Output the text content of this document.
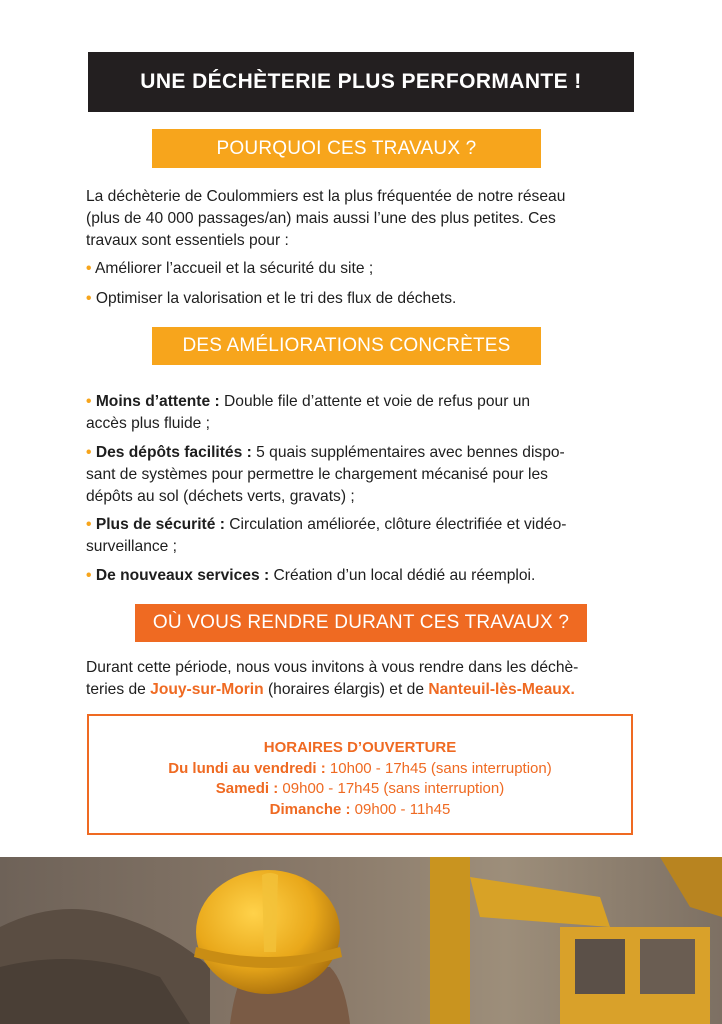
UNE DÉCHÈTERIE PLUS PERFORMANTE !
POURQUOI CES TRAVAUX ?

La déchèterie de Coulommiers est la plus fréquentée de notre réseau
(plus de 40 000 passages/an) mais aussi l’une des plus petites. Ces
travaux sont essentiels pour :

• Améliorer l’accueil et la sécurité du site ;

• Optimiser la valorisation et le tri des flux de déchets.

DES AMÉLIORATIONS CONCRÈTES

• Moins d’attente : Double file d’attente et voie de refus pour un
accès plus fluide ;

• Des dépôts facilités : 5 quais supplémentaires avec bennes dispo-
sant de systèmes pour permettre le chargement mécanisé pour les
dépôts au sol (déchets verts, gravats) ;

• Plus de sécurité : Circulation améliorée, clôture électrifiée et vidéo-
surveillance ;

• De nouveaux services : Création d’un local dédié au réemploi.

OÙ VOUS RENDRE DURANT CES TRAVAUX ?

Durant cette période, nous vous invitons à vous rendre dans les déchè-
teries de Jouy-sur-Morin (horaires élargis) et de Nanteuil-lès-Meaux.

HORAIRES D’OUVERTURE
Du lundi au vendredi : 10h00 - 17h45 (sans interruption)
Samedi : 09h00 - 17h45 (sans interruption)
Dimanche : 09h00 - 11h45
